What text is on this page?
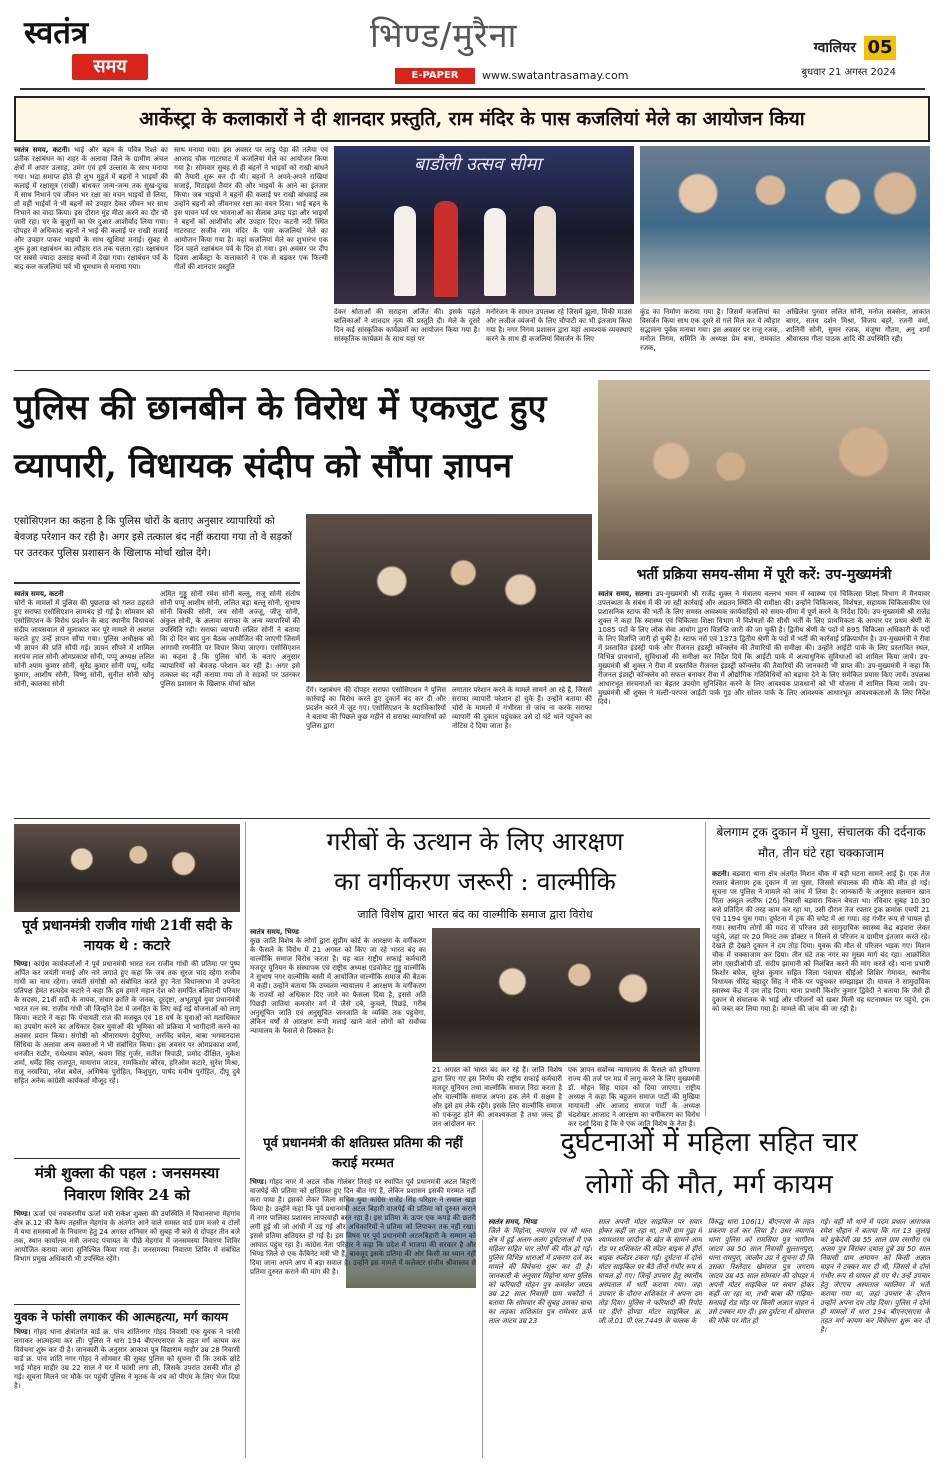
स्वतंत्र
समय
भिण्ड/मुरैना
E-PAPER	www.swatantrasamay.com
ग्वालियर 05
बुधवार 21 अगस्त 2024
आर्केस्ट्रा के कलाकारों ने दी शानदार प्रस्तुति, राम मंदिर के पास कजलियां मेले का आयोजन किया
स्वतंत्र समय, कटनी। भाई और बहन के पवित्र रिश्ते का प्रतीक रक्षाबंधन का शहर के अलावा जिले के ग्रामीण अंचल क्षेत्रों में अपार उत्साह, उमंग एवं हर्ष उल्लास के साथ मनाया गया। भद्रा समाप्त होते ही शुभ मुहूर्त में बहनों ने भाइयों की कलाई में रक्षासूत्र (राखी) बांधकर जन्म-जन्म तक सुख-दुःख में साथ निभाने एवं जीवन भर रक्षा का वचन भाइयों से लिया, तो वहीं भाईयों ने भी बहनों को उपहार देकर जीवन भर साथ निभाने का वादा किया। इस दौरान मुंह मीठा करने का दौर भी जारी रहा। घर के बुजुर्गों का घेर दुआर आशीर्वाद लिया गया। दोपहर में अधिकांश बहनों ने भाई की कलाई पर राखी सजाई और उपहार पाकर भाइयों के साथ खुशियां मनाई। सुबह से शुरू हुआ रक्षाबंधन का त्यौहार रात तक चलता रहा। रक्षाबंधन पर सबसे ज्यादा उत्साह बच्चों में देखा गया। रक्षाबंधन पर्व के बाद कल कजलियां पर्व भी धूमधाम से मनाया गया।
साथ मनाया गया। इस अवसर पर लाडू पेड़ा की तलैया एवं आजाद चौक गाटरघाट में कजलियां मेले का आयोजन किया गया है। सोमवार सुबह से ही बहनों ने भाइयों को राखी बांधने की तैयारी शुरू कर दी थी। बहनों ने अपने-अपने राखियां सजाई, मिठाइयां तैयार की और भाइयों के आने का इंतजार किया। जब भाइयों ने बहनों की कलाई पर राखी बांधवाई तब उन्होंने बहनों को जीवनभर रक्षा का वचन दिया। भाई बहन के इस पावन पर्व पर भावनाओं का सैलाब उमड़ पड़ा और भाइयों ने बहनों को आशीर्वाद और उपहार दिए। कटनी नदी स्थित गाटरघाट सजीव राम मंदिर के पास कजलियां मेले का आयोजन किया गया है। यहां कजलियां मेले का शुभारंभ एक दिन पहले रक्षाबंधन पर्व के दिन हो गया। इस अवसर पर दीप दिवस आर्केस्ट्रा के कलाकारों ने एक से बढ़कर एक फिल्मी गीतों की शानदार प्रस्तुति
बाडौली उत्सव सीमा
देकर श्रोताओं की सराहना अर्जित की। इसके पहले बालिकाओं ने शानदार नृत्य की प्रस्तुति दी। मेले के दूसरे दिन कई सांस्कृतिक कार्यक्रमों का आयोजन किया गया है। सांस्कृतिक कार्यक्रम के साथ यहां पर
मनोरंजन के साधन उपलब्ध रहे जिसमें झूला, मिकी माउस और लजीज व्यंजनों के लिए चौपाटी का भी इंतजाम किया गया है। नगर निगम प्रशासन द्वारा यहां आवश्यक व्यवस्थाएं करने के साथ ही कजलियां विसर्जन के लिए
कुंड का निर्माण कराया गया है। जिसमें कजलियां का विसर्जन किया साथ एक दूसरे से गले मिल कर ये त्यौहार सद्भावना पूर्वक मनाया गया। इस अवसर पर राजू रजक, मनोज निगम, समिति के अध्यक्ष प्रेम बत्रा, रामकांत रजक,
अखिलेश पुरवार ललित सोनी, मनोज सक्सेना, आकांत बागर, सतय दर्शन मिश्रा, विजय बहरे, रजनी वर्मा, शालिनी सोनी, सुमन रजक, मंजुषा गौतम, अनु शर्मा श्रीवास्तव गीता पाठक आदि की उपस्थिति रही।
पुलिस की छानबीन के विरोध में एकजुट हुए
व्यापारी, विधायक संदीप को सौंपा ज्ञापन
एसोसिएशन का कहना है कि पुलिस चोरों के बताए अनुसार व्यापारियों को बेवजह परेशान कर रही है। अगर इसे तत्काल बंद नहीं कराया गया तो वे सड़कों पर उतरकर पुलिस प्रशासन के खिलाफ मोर्चा खोल देंगे।
स्वतंत्र समय, कटनी
चोरों के मामलों में पुलिस की पूछताछ को गलत ठहराते हुए सराफा एसोसिएशन लामबंद हो गई है। सोमवार को एसोसिएशन के विरोध प्रदर्शन के बाद स्थानीय विधायक संदीप जायसवाल से मुलाकात कर पूरे मामले से अवगत कराते हुए उन्हें ज्ञापन सौंपा गया। पुलिस अधीक्षक को भी ज्ञापन की प्रति सौंपी गई। ज्ञापन सौंपने में शामिल सरपंच लाल सोनी ओमप्रकाश सोनी, पप्पू अध्यक्ष ललित सोनी श्याम कुमार सोनी, सुरेंद्र कुमार सोनी पप्पू, धर्मेंद्र कुमार, आशीष सोनी, विष्णु सोनी, सुनील सोनी खोनू सोनी, कालका सोनी
अमित गुड्डू सोनी रमेश सोनी बल्लू, राजू सोनी संतोष सोनी पप्पू आशीष सोनी, ललित बड़ा बल्लू सोनी, सुभाष सोनी विक्की सोनी, जय सोनी अज्जू, जीतू सोनी, अंकुल सोनी, के अलावा सराफा के अन्य व्यापारियों की उपस्थिति रही। सराफा व्यापारी ललित सोनी ने बताया कि दो दिन बाद पुनः बैठक आयोजित की जाएगी जिसमें आगामी रणनीति पर विचार किया जाएगा। एसोसिएशन का कहना है कि पुलिस चोरों के बताए अनुसार व्यापारियों को बेवजह परेशान कर रही है। अगर इसे तत्काल बंद नहीं कराया गया तो वे सड़कों पर उतरकर पुलिस प्रशासन के खिलाफ मोर्चा खोल
देंगे। रक्षाबंधन की दोपहर सराफा एसोसिएशन ने पुलिस कार्रवाई का विरोध करते हुए दुकानें बंद कर दी और प्रदर्शन करने में जुट गए। एसोसिएशन के पदाधिकारियों ने बताया की पिछले कुछ महीने से सराफा व्यापारियों को पुलिस द्वारा
लगातार परेशान करने के मामले सामने आ रहे हैं, जिससे सराफा व्यापारी परेशान हो चुके हैं। उन्होंने बताया की चोरों के मामलों में गंभीरता से जांच ना करके सराफा व्यापारी की दुकान पहुंचकर उसे दो घंटे थाने पहुंचने का नोटिस दे दिया जाता है।
भर्ती प्रक्रिया समय-सीमा में पूरी करें: उप-मुख्यमंत्री
स्वतंत्र समय, सतना। उप-मुख्यमंत्री श्री राजेंद्र शुक्ल ने मंत्रालय वल्लभ भवन में स्वास्थ्य एवं चिकित्सा शिक्षा विभाग में मैनपावर उपलब्धता के संबंध में की जा रही कार्रवाई और अद्यतन स्थिति की समीक्षा की। उन्होंने चिकित्सक, विशेषज्ञ, सहायक चिकित्सकीय एवं प्रशासनिक स्टाफ की भर्ती के लिए समस्त आवश्यक कार्यवाहियों को समय-सीमा में पूर्ण करने के निर्देश दिये। उप-मुख्यमंत्री श्री राजेंद्र शुक्ल ने कहा कि स्वास्थ्य एवं चिकित्सा शिक्षा विभाग में विशेषज्ञों की सीधी भर्ती के लिए प्राथमिकता के आधार पर प्रथम श्रेणी के 1085 पदों के लिए लोक सेवा आयोग द्वारा विज्ञप्ति जारी की जा चुकी है। द्वितीय श्रेणी के पदों में 895 चिकित्सा अधिकारी के पदों के लिए विज्ञप्ति जारी हो चुकी है। स्टाफ नर्स एवं 1373 द्वितीय श्रेणी के पदों में भर्ती की कार्रवाई प्रक्रियाधीन है। उप-मुख्यमंत्री ने रीवा में प्रस्तावित इंडस्ट्री पार्क और रीजनल इंडस्ट्री कॉन्क्लेव की तैयारियों की समीक्षा की। उन्होंने आईटी पार्क के लिए प्रस्तावित स्थल, विभिन्न प्रावधानों, सुविधाओं की समीक्षा कर निर्देश दिये कि आईटी पार्क में अत्याधुनिक सुविधाओं को शामिल किया जाये। उप-मुख्यमंत्री श्री शुक्ल ने रीवा में प्रस्तावित रीजनल इंडस्ट्री कॉन्क्लेव की तैयारियों की जानकारी भी प्राप्त की। उप-मुख्यमंत्री ने कहा कि रीजनल इंडस्ट्री कॉन्क्लेव को सफल बनाकर रीवा में औद्योगिक गतिविधियों को बढ़ावा देने के लिए समेकित प्रयास किए जायें। उपलब्ध आधारभूत संरचनाओं का बेहतर उपयोग सुनिश्चित करने के लिए आवश्यक प्रावधानों को भी योजना में शामिल किया जाये। उप-मुख्यमंत्री श्री शुक्ल ने मल्टी-परपज आईटी पार्क गुड़ और सोलर पार्क के लिए आवश्यक आधारभूत आवश्यकताओं के लिए निर्देश दिये।
पूर्व प्रधानमंत्री राजीव गांधी 21वीं सदी के नायक थे : कटारे
भिण्ड। कांग्रेस कार्यकर्ताओं ने पूर्व प्रधानमंत्री भारत रत्न राजीव गांधी की प्रतिमा पर पुष्प अर्पित कर जयंती मनाई और नारे लगाते हुए कहा कि जब तक सूरज चांद रहेगा राजीव गांधी का नाम रहेगा। जयंती संगोष्ठी को संबोधित करते हुए नेता विधानसभा में उपनेता प्रतिपक्ष हेमंत सत्यदेव कटारे ने कहा कि हम हमारे महान देश को समर्पित बलिदानी परिवार के सदस्य, 21वीं सदी के नायक, संचार क्रांति के जनक, दूरदृष्टा, अभूतपूर्व युवा प्रधानमंत्री भारत रत्न स्व. राजीव गांधी जी जिन्होंने देश में जनहित के लिए कई नई योजनाओं को लागू किया। कटारे ने कहा कि पंचायती राज की मजबूत एवं 18 वर्ष के युवाओं को मताधिकार का उपयोग करने का अधिकार देकर युवाओं की भूमिका को प्रक्रिया में भागीदारी करने का अवसर प्रदान किया। संगोष्ठी को श्रीनारायण देपुरिया, अरविंद बघेल, बाबा भगवानदास सिंधिया के अलावा अन्य वक्ताओं ने भी संबोधित किया। इस अवसर पर ओमप्रकाश शर्मा, धनजीत राठौर, राधेश्याम बघेल, श्रवण सिंह गुर्जर, सतीश त्रिपाठी, प्रमोद दीक्षित, मुकेश शर्मा, धर्मेंद्र सिंह राजपूत, मायाराम जाटव, रामकिशोर कौरव, हरिओम कटारे, सुरेश मिश्रा, राजू नरवरिया, नरेश बघेल, अभिषेक पुरोहित, किशुपुरा, पार्षद मनीष पुरोहित, दीपू दुबे सहित अनेक कांग्रेसी कार्यकर्ता मौजूद रहे।
मंत्री शुक्ला की पहल : जनसमस्या निवारण शिविर 24 को
भिण्ड। ऊर्जा एवं नवकरणीय ऊर्जा मंत्री राकेश शुक्ला की उपस्थिति में विधानसभा मेहगांव क्षेत्र क्र.12 की कैम्प तहसील मेहगांव के अंतर्गत आने वाले समस्त वार्ड ग्राम मजरे व टोलों में यथा समस्याओं के निवारण हेतु 24 अगस्त शनिवार को सुबह नौ बजे से दोपहर तीन बजे तक, स्थान कार्यालय मंत्री जनपद पंचायत के पीछे मेहगांव में जनसमस्या निवारण शिविर आयोजित कराया जाना सुनिश्चित किया गया है। जनसमस्या निवारण शिविर में संबंधित विभाग प्रमुख अधिकारी भी उपस्थित रहेंगे।
युवक ने फांसी लगाकर की आत्महत्या, मर्ग कायम
भिण्ड। गोहद थाना क्षेत्रांतर्गत वार्ड क्र. पांच शांतिनगर गोहद निवासी एक युवक ने फांसी लगाकर आत्महत्या कर ली। पुलिस ने धारा 194 बीएनएसएस के तहत मर्ग कायम कर विवेचना शुरू कर दी है। जानकारी के अनुसार आकाश पुत्र विद्याराम माहौर उम्र 28 निवासी वार्ड क्र. पांच शांति नगर गोहद ने सोमवार की सुबह पुलिस को सूचना दी कि उसके छोटे भाई मोहन माहौर उम्र 22 साल ने घर में फांसी लगा ली, जिसके उपरांत उसकी मौत हो गई। सूचना मिलने पर मौके पर पहुंची पुलिस ने मृतक के शव को पीएम के लिए भेज दिया है।
गरीबों के उत्थान के लिए आरक्षण
का वर्गीकरण जरूरी : वाल्मीकि
जाति विशेष द्वारा भारत बंद का वाल्मीकि समाज द्वारा विरोध
स्वतंत्र समय, भिण्ड
कुछ जाति विशेष के लोगों द्वारा सुप्रीम कोर्ट के आरक्षण के वर्गीकरण के फैसले के विरोध में 21 अगस्त को किए जा रहे भारत बंद का वाल्मीकि समाज विरोध करता है। यह बात राष्ट्रीय सफाई कर्मचारी मजदूर यूनियन के संस्थापक एवं राष्ट्रीय अध्यक्ष एडवोकेट गुड्डू वाल्मीकि ने सुभाष नगर वाल्मीकि बस्ती में आयोजित वाल्मीकि समाज की बैठक में कही। उन्होंने बताया कि उच्चतम न्यायालय ने आरक्षण के वर्गीकरण के राज्यों को अधिकार दिए जाने का फैसला दिया है, इससे अति पिछड़ी जातियां कमजोर वर्ग में जैसे दबे, कुचले, पिछड़े, गरीब अनुसूचित जाति एवं अनुसूचित जनजाति के व्यक्ति तक पहुंचेगा, लेकिन वर्षों से आरक्षण रूपी मलाई खाने वाले लोगों को सर्वोच्च न्यायालय के फैसले से दिक्कत है।
21 अगस्त को भारत बंद कर रहे हैं। जाति विशेष द्वारा लिए गए इस निर्णय की राष्ट्रीय सफाई कर्मचारी मजदूर यूनियन तथा वाल्मीकि समाज निंदा करता है और वाल्मीकि समाज अपना हक लेने में सक्षम है और इसे हम लेके रहेंगे। इसके लिए वाल्मीकि समाज को एकजुट होने की आवश्यकता है तथा जल्द ही जन आंदोलन कर
एक ज्ञापन सर्वोच्च न्यायालय के फैसले को हरियाणा राज्य की तर्ज पर मप्र में लागू करने के लिए मुख्यमंत्री डॉ. मोहन सिंह यादव को दिया जाएगा। राष्ट्रीय अध्यक्ष ने कहा कि बहुजन समाज पार्टी की मुखिया मायावती और आजाद समाज पार्टी के अध्यक्ष चंद्रशेखर आजाद ने आरक्षण का वर्गीकरण का विरोध कर दर्शा दिया है कि वे एक जाति विशेष के नेता हैं।
बेलगाम ट्रक दुकान में घुसा, संचालक की दर्दनाक मौत, तीन घंटे रहा चक्काजाम
कटनी। बड़वारा थाना क्षेत्र अंतर्गत मिशन चौक में बड़ी घटना सामने आई है। एक तेज रफ्तार बेलगाम ट्रक दुकान में जा घुसा, जिससे संचालक की मौके की मौत हो गई। सूचना पर पुलिस ने मामले को जांच में लिया है। जानकारी के अनुसार सलमान खान पिता अब्दुल लतीफ (26) निवासी बड़वारा चिकन बेचता था। रविवार सुबह 10.30 बजे प्रतिदिन की तरह काम कर रहा था, उसी दौरान तेज रफ्तार ट्रक क्रमांक एमपी 21 एच 1194 घुस गया। दुर्घटना में ट्रक की चपेट में आ गया। वह गंभीर रूप से घायल हो गया। स्थानीय लोगों की मदद से परिजन उसे सामुदायिक स्वास्थ्य केंद्र बड़वारा लेकर पहुंचे, जहां पर 20 मिनट तक डॉक्टर न मिलने से परिजन व ग्रामीण इंतजार करते रहे। देखते ही देखते दुकान ने दम तोड़ दिया। युवक की मौत से परिजन भड़क गए। मिशन चौक में चक्काजाम कर दिया। तीन घंटे तक नगर का मुख्य मार्ग बंद रहा। आक्रोशित लोग एसडीओपी डॉ. संदीप झामानी को निलंबित करने की मांग करते रहे। थाना प्रभारी किशोर बघेल, सुरेश कुमार सहित जिला पंचायत सीईओ शिशिर गेमावत, स्थानीय विधायक धीरेंद्र बहादुर सिंह ने मौके पर पहुंचकर समझाइश दी। घायल ने सामुदायिक स्वास्थ्य केंद्र में दम तोड़ दिया। थाना प्रभारी किशोर कुमार द्विवेदी ने बताया कि जैसे ही दुकान से संचालक के भाई और परिजनों को खबर मिली वह घटनास्थल पर पहुंचे, ट्रक को जब्त कर लिया गया है। मामले की जांच की जा रही है।
पूर्व प्रधानमंत्री की क्षतिग्रस्त प्रतिमा की नहीं कराई मरम्मत
भिण्ड। गोहद नगर में अटल चौक गोलंबर तिराहे पर स्थापित पूर्व प्रधानमंत्री अटल बिहारी वाजपेई की प्रतिमा को क्षतिग्रस्त हुए दिन बीत गए हैं, लेकिन प्रशासन इसकी मरम्मत नहीं करा पाया है। इसको लेकर जिला सचिव युवा कांग्रेस राजेंद्र सिंह परिहार ने सवाल खड़ा किया है। उन्होंने कहा कि पूर्व प्रधानमंत्री अटल बिहारी वाजपेई की प्रतिमा को दुरुस्त कराने में नगर पालिका प्रशासन लापरवाही बरत रहा है। इस प्रतिमा के ऊपर एक कपड़े की छतरी लगी हुई थी जो आंधी में उड़ गई और अधिकारियों ने प्रतिमा को लिपाकर तक नहीं रखा। इससे प्रतिमा क्षतिग्रस्त हो गई है। इस विषय पर पूर्व प्रधानमंत्री अटलबिहारी के सम्मान को आघात पहुंच रहा है। कांग्रेस नेता परिहार ने कहा कि प्रदेश में भाजपा की सरकार है और भिण्ड जिले से एक कैबिनेट मंत्री भी हैं, बावजूद इसके प्रतिमा की ओर किसी का ध्यान नहीं दिया जाना अपने आप में बड़ा सवाल है। उन्होंने इस मामले में कलेक्टर संजीव श्रीवास्तव से प्रतिमा दुरुस्त कराने की मांग की है।
दुर्घटनाओं में महिला सहित चार
लोगों की मौत, मर्ग कायम
स्वतंत्र समय, भिण्ड
जिले के मिहोना, नयागांव एवं मौ थाना क्षेत्र में हुई अलग-अलग दुर्घटनाओं में एक महिला सहित चार लोगों की मौत हो गई। पुलिस विभिन्न धाराओं में प्रकरण दर्ज कर मामले की विवेचना शुरू कर दी है। जानकारी के अनुसार मिहोना थाना पुलिस को फरियादी मोहन पुत्र कमलेश जाटव उम्र 22 साल निवासी ग्राम भकौटी ने बताया कि सोमवार की सुबह उसका चाचा का लड़का शशिकांत पुत्र रामेश्वर ऊर्फ लाल जाटव उम्र 23
साल अपनी मोटर साइकिल पर सवार होकर कहीं जा रहा था, तभी ग्राम गुढ़ा में श्यामशरण जादौन के खेत के सामने आम रोड पर शशिकांत की स्पेंडर बाइक से हीरो बाइक स्प्लेंडर टकरा गई। दुर्घटना में दोनों मोटर साइकिल पर बैठे तीनों गंभीर रूप से घायल हो गए। जिन्हें उपचार हेतु स्थानीय अस्पताल में भर्ती कराया गया। जहां उपचार के दौरान शशिकांत ने अपना दम तोड़ दिया। पुलिस ने फरियादी की रिपोर्ट पर हीरो होण्डा मोटर साइकिल क्र. जी.जे.01 पी.एल.7449 के चालक के
विरुद्ध धारा 106(1) बीएनएस के तहत प्रकरण दर्ज कर लिया है। उधर नयागांव थाना पुलिस को रामसिया पुत्र भागीरथ जाटव उम्र 50 साल निवासी सुल्तानपुरा, थाना रामपुरा, जालौन उप्र ने सूचना दी कि उसका रिश्तेदार खेमराज पुत्र जगराम जाटव उम्र 45 साल सोमवार की दोपहर में अपनी मोटर साइकिल पर सवार होकर कहीं जा रहा था, तभी बाबा की गढ़िया-सनावई रोड मोड़ पर किसी अज्ञात वाहन ने उसे टक्कर मार दी। इस दुर्घटना में खेमराज की मौके पर मौत हो
गई। वहीं मौ थाने में पदम प्रधान आराधक रमेश चौहान ने बताया कि गत 13 जुलाई को मुकेदेवी उम्र 55 साल ग्राम रसगौरा एवं अजय पुत्र विरांबर दयाल दुबे उम्र 50 साल निवासी ग्राम अमायन को किसी अज्ञात वाहन ने टक्कर मार दी थी, जिससे वे दोनों गंभीर रूप से घायल हो गए थे। उन्हें उपचार हेतु जेएएच अस्पताल ग्वालियर में भर्ती कराया गया था, जहां उपचार के दौरान उन्होंने अपना दम तोड़ दिया। पुलिस ने दोनों ही मामलों में धारा 194 बीएनएसएस के तहत मर्ग कायम कर विवेचना शुरू कर दी है।
